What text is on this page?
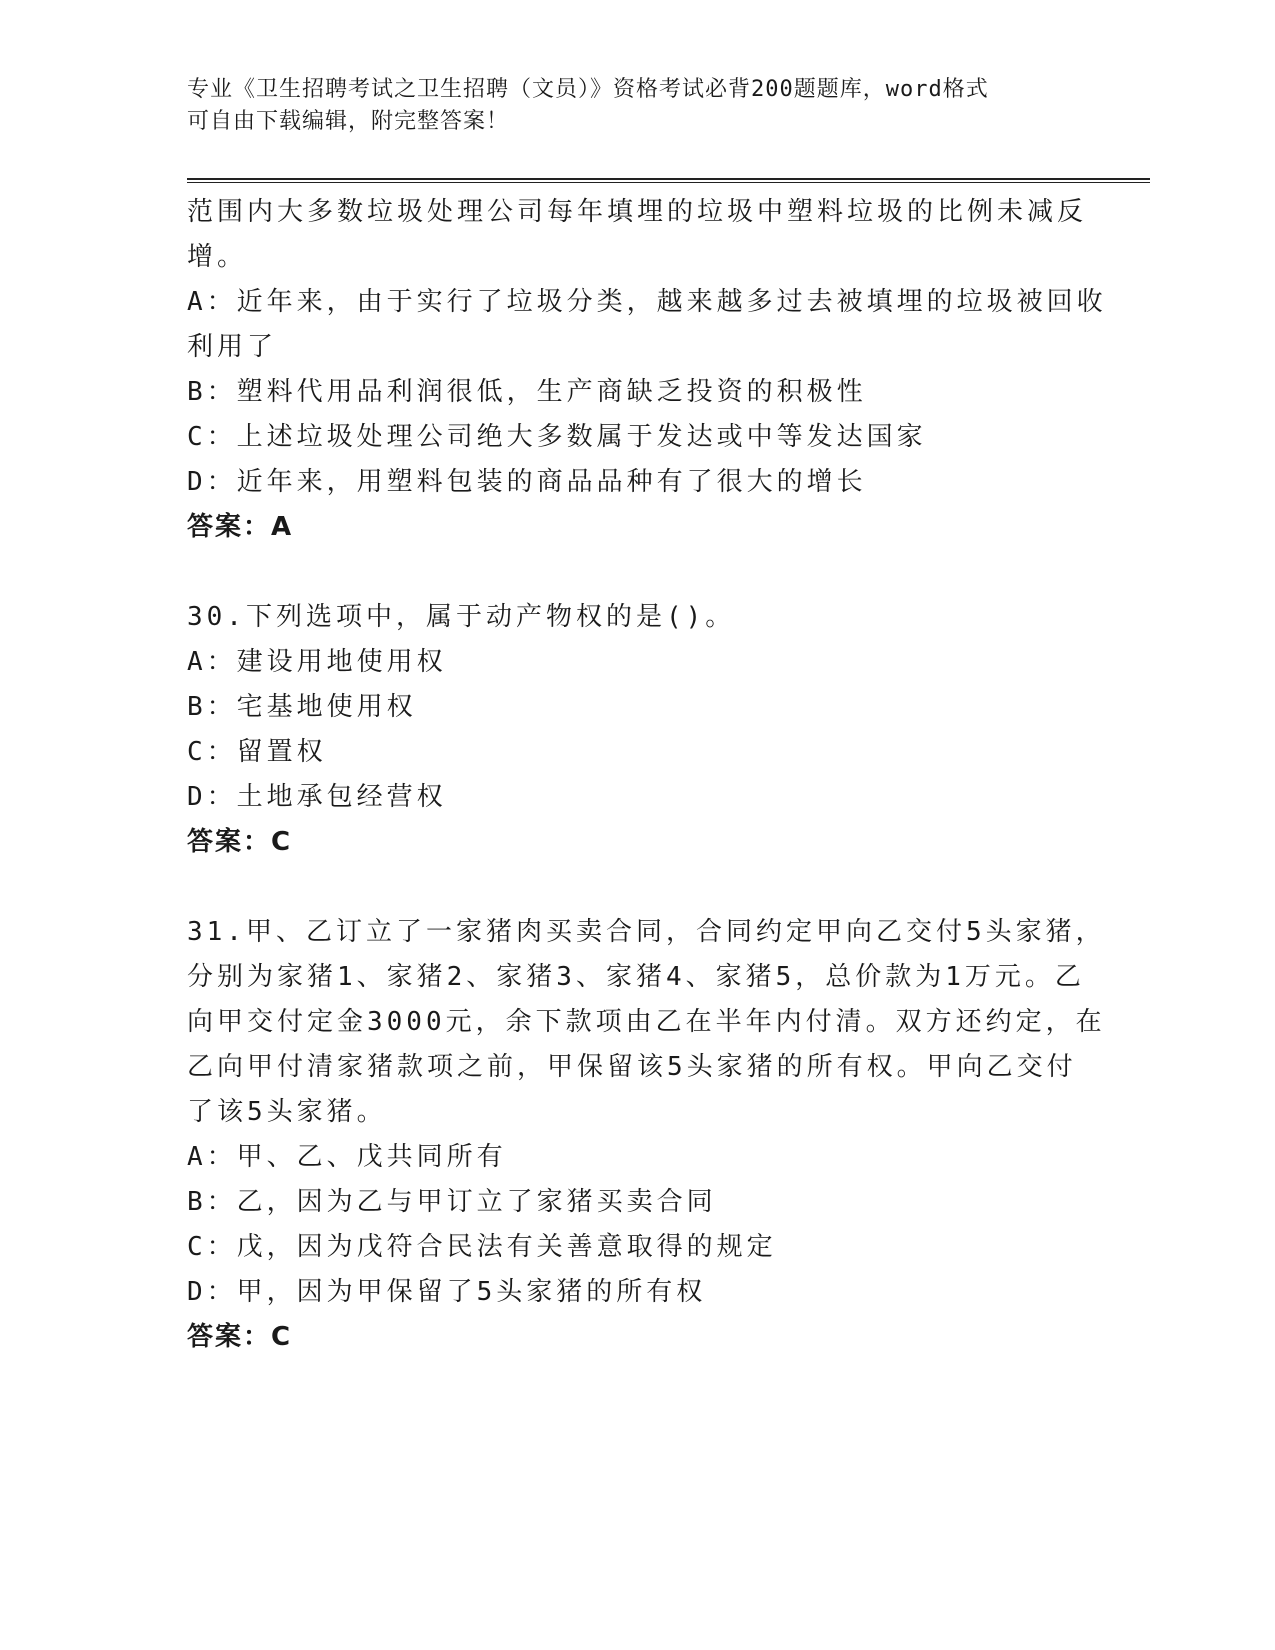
专业《卫生招聘考试之卫生招聘（文员）》资格考试必背200题题库，word格式
可自由下载编辑，附完整答案！
范围内大多数垃圾处理公司每年填埋的垃圾中塑料垃圾的比例未减反
增。
A：近年来，由于实行了垃圾分类，越来越多过去被填埋的垃圾被回收
利用了
B：塑料代用品利润很低，生产商缺乏投资的积极性
C：上述垃圾处理公司绝大多数属于发达或中等发达国家
D：近年来，用塑料包装的商品品种有了很大的增长
答案：A
30.下列选项中，属于动产物权的是()。
A：建设用地使用权
B：宅基地使用权
C：留置权
D：土地承包经营权
答案：C
31.甲、乙订立了一家猪肉买卖合同，合同约定甲向乙交付5头家猪，
分别为家猪1、家猪2、家猪3、家猪4、家猪5，总价款为1万元。乙
向甲交付定金3000元，余下款项由乙在半年内付清。双方还约定，在
乙向甲付清家猪款项之前，甲保留该5头家猪的所有权。甲向乙交付
了该5头家猪。
A：甲、乙、戊共同所有
B：乙，因为乙与甲订立了家猪买卖合同
C：戊，因为戊符合民法有关善意取得的规定
D：甲，因为甲保留了5头家猪的所有权
答案：C
